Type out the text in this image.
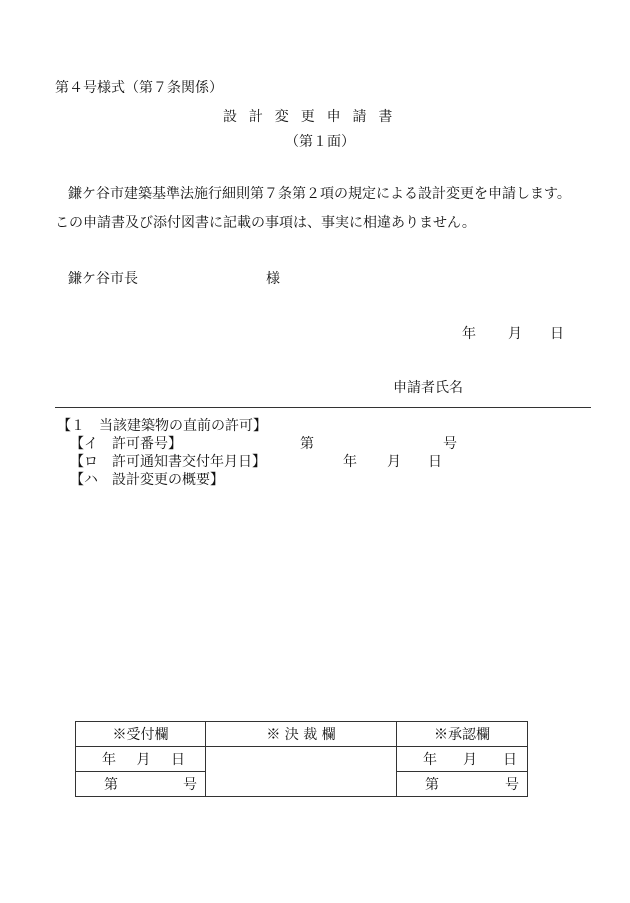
第４号様式（第７条関係）
設計変更申請書
（第１面）
鎌ケ谷市建築基準法施行細則第７条第２項の規定による設計変更を申請します。
この申請書及び添付図書に記載の事項は、事実に相違ありません。
鎌ケ谷市長	様
年 月 日
申請者氏名
【１　当該建築物の直前の許可】
【イ　許可番号】	第	号
【ロ　許可通知書交付年月日】	年 月 日
【ハ　設計変更の概要】
※受付欄	※ 決 裁 欄	※承認欄

年 月 日		年 月 日

第 号		第 号
